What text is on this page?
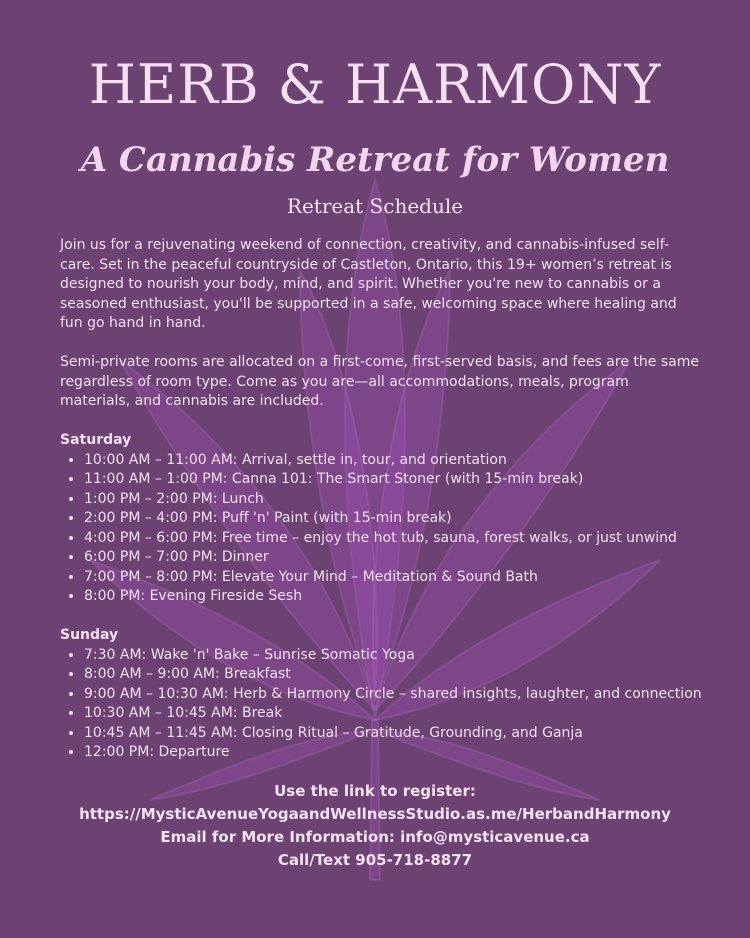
HERB & HARMONY
A Cannabis Retreat for Women
Retreat Schedule

Join us for a rejuvenating weekend of connection, creativity, and cannabis-infused self-care. Set in the peaceful countryside of Castleton, Ontario, this 19+ women’s retreat is designed to nourish your body, mind, and spirit. Whether you're new to cannabis or a seasoned enthusiast, you'll be supported in a safe, welcoming space where healing and fun go hand in hand.

Semi-private rooms are allocated on a first-come, first-served basis, and fees are the same regardless of room type. Come as you are—all accommodations, meals, program materials, and cannabis are included.

Saturday
• 10:00 AM – 11:00 AM: Arrival, settle in, tour, and orientation
• 11:00 AM – 1:00 PM: Canna 101: The Smart Stoner (with 15-min break)
• 1:00 PM – 2:00 PM: Lunch
• 2:00 PM – 4:00 PM: Puff 'n' Paint (with 15-min break)
• 4:00 PM – 6:00 PM: Free time – enjoy the hot tub, sauna, forest walks, or just unwind
• 6:00 PM – 7:00 PM: Dinner
• 7:00 PM – 8:00 PM: Elevate Your Mind – Meditation & Sound Bath
• 8:00 PM: Evening Fireside Sesh
Sunday
• 7:30 AM: Wake 'n' Bake – Sunrise Somatic Yoga
• 8:00 AM – 9:00 AM: Breakfast
• 9:00 AM – 10:30 AM: Herb & Harmony Circle – shared insights, laughter, and connection
• 10:30 AM – 10:45 AM: Break
• 10:45 AM – 11:45 AM: Closing Ritual – Gratitude, Grounding, and Ganja
• 12:00 PM: Departure
Use the link to register:
https://MysticAvenueYogaandWellnessStudio.as.me/HerbandHarmony
Email for More Information: info@mysticavenue.ca
Call/Text 905-718-8877
